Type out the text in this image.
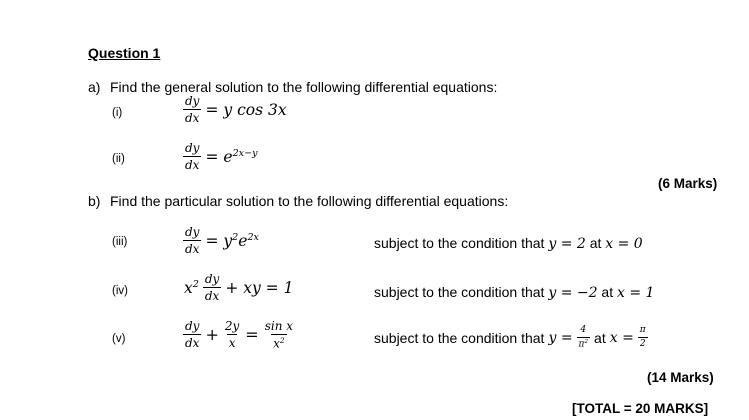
Question 1
a) Find the general solution to the following differential equations:
(i)	$\frac{dy}{dx} = y$ cos 3x
(ii)	$\frac{dy}{dx} = e^{2x-y}$
(6 Marks)
b) Find the particular solution to the following differential equations:
(iii)	$\frac{dy}{dx} = y^2e^{2x}$	subject to the condition that y = 2 at x = 0
(iv)	$x^2 \frac{dy}{dx}$ + xy = 1	subject to the condition that y = −2 at x = 1
(v)	$\frac{dy}{dx} + \frac{2y}{x} = \frac{\text{sin x}}{x^2}$	subject to the condition that $y = \frac{4}{\pi^2}$ at $x = \frac{\pi}{2}$
(14 Marks)
[TOTAL = 20 MARKS]
